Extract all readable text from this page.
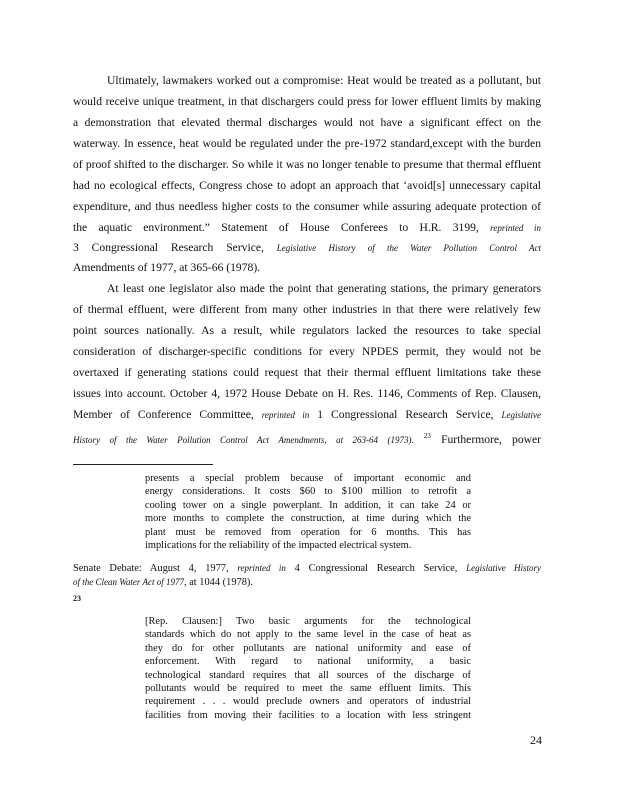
Ultimately, lawmakers worked out a compromise: Heat would be treated as a pollutant, but
would receive unique treatment, in that dischargers could press for lower effluent limits by making
a demonstration that elevated thermal discharges would not have a significant effect on the
waterway. In essence, heat would be regulated under the pre-1972 standard,except with the burden
of proof shifted to the discharger. So while it was no longer tenable to presume that thermal effluent
had no ecological effects, Congress chose to adopt an approach that ‘avoid[s] unnecessary capital
expenditure, and thus needless higher costs to the consumer while assuring adequate protection of
the aquatic environment.” Statement of House Conferees to H.R. 3199, reprinted in
3 Congressional Research Service, Legislative History of the Water Pollution Control Act
Amendments of 1977, at 365-66 (1978).
At least one legislator also made the point that generating stations, the primary generators
of thermal effluent, were different from many other industries in that there were relatively few
point sources nationally. As a result, while regulators lacked the resources to take special
consideration of discharger-specific conditions for every NPDES permit, they would not be
overtaxed if generating stations could request that their thermal effluent limitations take these
issues into account. October 4, 1972 House Debate on H. Res. 1146, Comments of Rep. Clausen,
Member of Conference Committee, reprinted in 1 Congressional Research Service, Legislative
History of the Water Pollution Control Act Amendments, at 263-64 (1973). $^{23}$ Furthermore, power
presents a special problem because of important economic and
energy considerations. It costs $60 to $100 million to retrofit a
cooling tower on a single powerplant. In addition, it can take 24 or
more months to complete the construction, at time during which the
plant must be removed from operation for 6 months. This has
implications for the reliability of the impacted electrical system.
Senate Debate: August 4, 1977, reprinted in 4 Congressional Research Service, Legislative History
of the Clean Water Act of 1977, at 1044 (1978).
23
[Rep. Clausen:] Two basic arguments for the technological
standards which do not apply to the same level in the case of heat as
they do for other pollutants are national uniformity and ease of
enforcement. With regard to national uniformity, a basic
technological standard requires that all sources of the discharge of
pollutants would be required to meet the same effluent limits. This
requirement . . . would preclude owners and operators of industrial
facilities from moving their facilities to a location with less stringent
24
